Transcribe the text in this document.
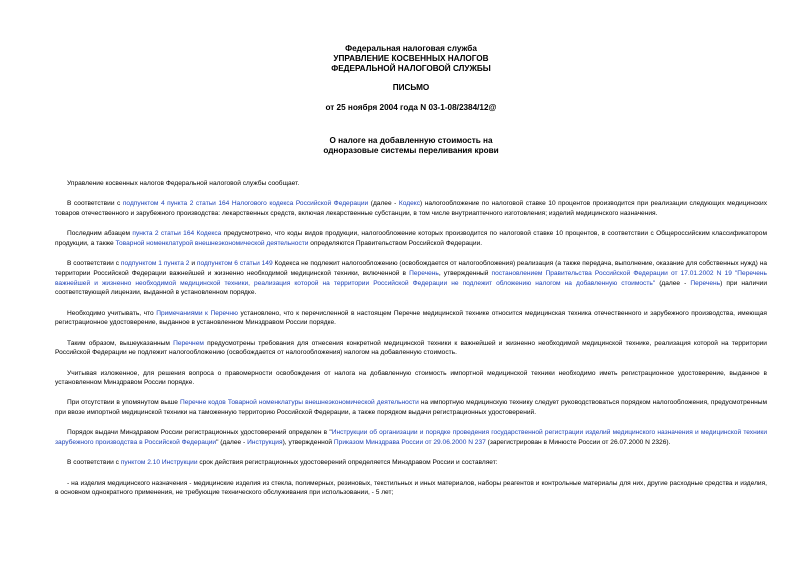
Федеральная налоговая служба
УПРАВЛЕНИЕ КОСВЕННЫХ НАЛОГОВ
ФЕДЕРАЛЬНОЙ НАЛОГОВОЙ СЛУЖБЫ
ПИСЬМО
от 25 ноября 2004 года N 03-1-08/2384/12@
О налоге на добавленную стоимость на
одноразовые системы переливания крови

Управление косвенных налогов Федеральной налоговой службы сообщает.

В соответствии с подпунктом 4 пункта 2 статьи 164 Налогового кодекса Российской Федерации (далее - Кодекс) налогообложение по налоговой ставке 10 процентов производится при реализации следующих медицинских товаров отечественного и зарубежного производства: лекарственных средств, включая лекарственные субстанции, в том числе внутриаптечного изготовления; изделий медицинского назначения.

Последним абзацем пункта 2 статьи 164 Кодекса предусмотрено, что коды видов продукции, налогообложение которых производится по налоговой ставке 10 процентов, в соответствии с Общероссийским классификатором продукции, а также Товарной номенклатурой внешнеэкономической деятельности определяются Правительством Российской Федерации.

В соответствии с подпунктом 1 пункта 2 и подпунктом 6 статьи 149 Кодекса не подлежит налогообложению (освобождается от налогообложения) реализация (а также передача, выполнение, оказание для собственных нужд) на территории Российской Федерации важнейшей и жизненно необходимой медицинской техники, включенной в Перечень, утвержденный постановлением Правительства Российской Федерации от 17.01.2002 N 19 "Перечень важнейшей и жизненно необходимой медицинской техники, реализация которой на территории Российской Федерации не подлежит обложению налогом на добавленную стоимость" (далее - Перечень) при наличии соответствующей лицензии, выданной в установленном порядке.

Необходимо учитывать, что Примечаниями к Перечню установлено, что к перечисленной в настоящем Перечне медицинской технике относится медицинская техника отечественного и зарубежного производства, имеющая регистрационное удостоверение, выданное в установленном Минздравом России порядке.

Таким образом, вышеуказанным Перечнем предусмотрены требования для отнесения конкретной медицинской техники к важнейшей и жизненно необходимой медицинской технике, реализация которой на территории Российской Федерации не подлежит налогообложению (освобождается от налогообложения) налогом на добавленную стоимость.

Учитывая изложенное, для решения вопроса о правомерности освобождения от налога на добавленную стоимость импортной медицинской техники необходимо иметь регистрационное удостоверение, выданное в установленном Минздравом России порядке.

При отсутствии в упомянутом выше Перечне кодов Товарной номенклатуры внешнеэкономической деятельности на импортную медицинскую технику следует руководствоваться порядком налогообложения, предусмотренным при ввозе импортной медицинской техники на таможенную территорию Российской Федерации, а также порядком выдачи регистрационных удостоверений.

Порядок выдачи Минздравом России регистрационных удостоверений определен в "Инструкции об организации и порядке проведения государственной регистрации изделий медицинского назначения и медицинской техники зарубежного производства в Российской Федерации" (далее - Инструкция), утвержденной Приказом Минздрава России от 29.06.2000 N 237 (зарегистрирован в Минюсте России от 26.07.2000 N 2326).

В соответствии с пунктом 2.10 Инструкции срок действия регистрационных удостоверений определяется Минздравом России и составляет:

- на изделия медицинского назначения - медицинские изделия из стекла, полимерных, резиновых, текстильных и иных материалов, наборы реагентов и контрольные материалы для них, другие расходные средства и изделия, в основном однократного применения, не требующие технического обслуживания при использовании, - 5 лет;
